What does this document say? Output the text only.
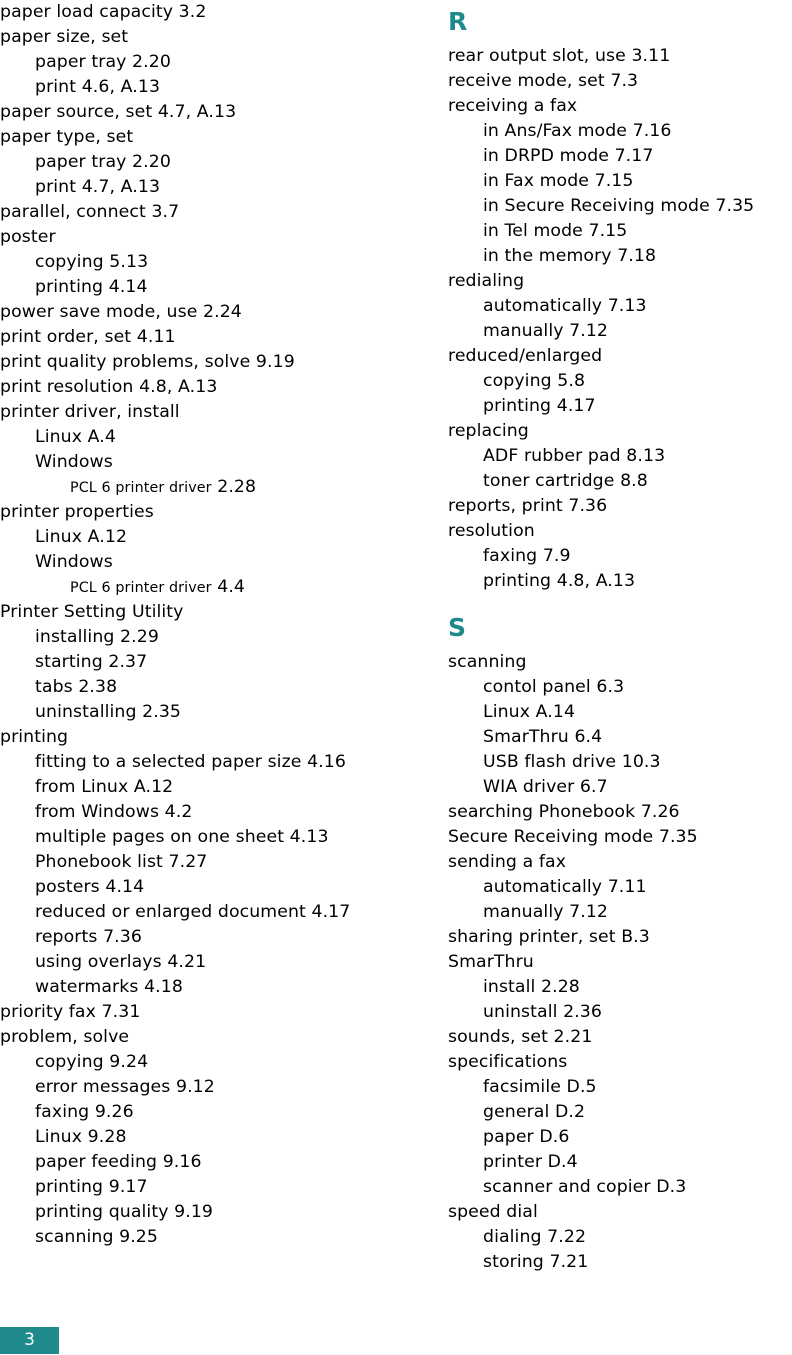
paper load capacity 3.2
paper size, set
paper tray 2.20
print 4.6, A.13
paper source, set 4.7, A.13
paper type, set
paper tray 2.20
print 4.7, A.13
parallel, connect 3.7
poster
copying 5.13
printing 4.14
power save mode, use 2.24
print order, set 4.11
print quality problems, solve 9.19
print resolution 4.8, A.13
printer driver, install
Linux A.4
Windows
PCL 6 printer driver 2.28
printer properties
Linux A.12
Windows
PCL 6 printer driver 4.4
Printer Setting Utility
installing 2.29
starting 2.37
tabs 2.38
uninstalling 2.35
printing
fitting to a selected paper size 4.16
from Linux A.12
from Windows 4.2
multiple pages on one sheet 4.13
Phonebook list 7.27
posters 4.14
reduced or enlarged document 4.17
reports 7.36
using overlays 4.21
watermarks 4.18
priority fax 7.31
problem, solve
copying 9.24
error messages 9.12
faxing 9.26
Linux 9.28
paper feeding 9.16
printing 9.17
printing quality 9.19
scanning 9.25
R
rear output slot, use 3.11
receive mode, set 7.3
receiving a fax
in Ans/Fax mode 7.16
in DRPD mode 7.17
in Fax mode 7.15
in Secure Receiving mode 7.35
in Tel mode 7.15
in the memory 7.18
redialing
automatically 7.13
manually 7.12
reduced/enlarged
copying 5.8
printing 4.17
replacing
ADF rubber pad 8.13
toner cartridge 8.8
reports, print 7.36
resolution
faxing 7.9
printing 4.8, A.13
S
scanning
contol panel 6.3
Linux A.14
SmarThru 6.4
USB flash drive 10.3
WIA driver 6.7
searching Phonebook 7.26
Secure Receiving mode 7.35
sending a fax
automatically 7.11
manually 7.12
sharing printer, set B.3
SmarThru
install 2.28
uninstall 2.36
sounds, set 2.21
specifications
facsimile D.5
general D.2
paper D.6
printer D.4
scanner and copier D.3
speed dial
dialing 7.22
storing 7.21
3
